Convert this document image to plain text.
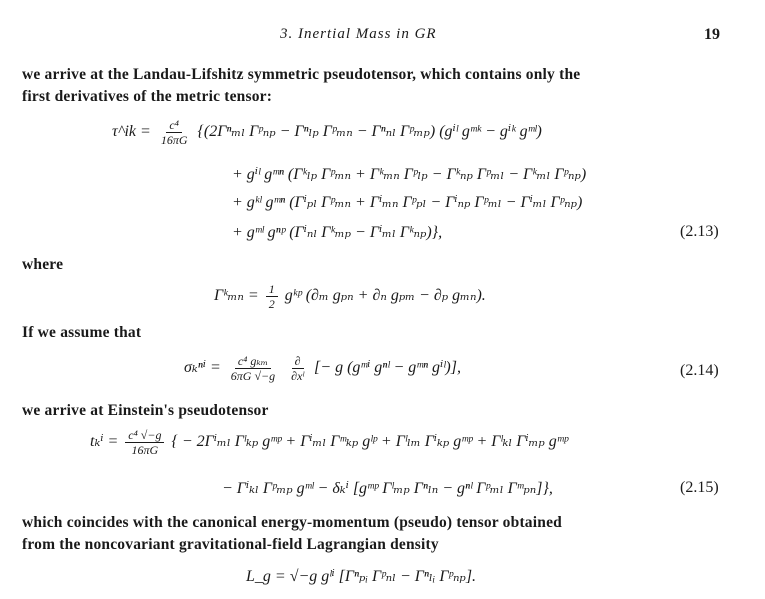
3. Inertial Mass in GR	19
we arrive at the Landau-Lifshitz symmetric pseudotensor, which contains only the
first derivatives of the metric tensor:
τ^ik = $\frac{\text{c⁴}}{16\pi G} \{(2\Gamma^n_{ml}$ Γᵖₙₚ − Γⁿₗₚ Γᵖₘₙ − Γⁿₙₗ Γᵖₘₚ) (gⁱˡ gᵐᵏ − gⁱᵏ gᵐˡ)
+ gⁱˡ gᵐⁿ (Γᵏₗₚ Γᵖₘₙ + Γᵏₘₙ Γᵖₗₚ − Γᵏₙₚ Γᵖₘₗ − Γᵏₘₗ Γᵖₙₚ)
+ gᵏˡ gᵐⁿ (Γⁱₚₗ Γᵖₘₙ + Γⁱₘₙ Γᵖₚₗ − Γⁱₙₚ Γᵖₘₗ − Γⁱₘₗ Γᵖₙₚ)
+ gᵐˡ gⁿᵖ (Γⁱₙₗ Γᵏₘₚ − Γⁱₘₗ Γᵏₙₚ)},	(2.13)
where
Γᵏₘₙ = $\frac{1}{2}$ gᵏᵖ (∂ₘ gₚₙ + ∂ₙ gₚₘ − ∂ₚ gₘₙ).
If we assume that
$\sigma_k^{ni} = \frac{\text{c⁴ gₖₘ}}{6\pi G √-g}$
$\frac{\partial}{\text{∂xˡ}}$ [− g (gᵐⁱ gⁿˡ − gᵐⁿ gⁱˡ)],	(2.14)
we arrive at Einstein's pseudotensor
$t_k^i = \frac{\text{c⁴ √−g}}{16\pi G}$ { − 2Γⁱₘₗ Γˡₖₚ gᵐᵖ + Γⁱₘₗ Γᵐₖₚ gˡᵖ + Γˡₗₘ Γⁱₖₚ gᵐᵖ + Γˡₖₗ Γⁱₘₚ gᵐᵖ
− Γⁱₖₗ Γᵖₘₚ gᵐˡ − δₖⁱ [gᵐᵖ Γˡₘₚ Γⁿₗₙ − gⁿˡ Γᵖₘₗ Γᵐₚₙ]},	(2.15)
which coincides with the canonical energy-momentum (pseudo) tensor obtained
from the noncovariant gravitational-field Lagrangian density
L_g = √−g gˡⁱ [Γⁿₚᵢ Γᵖₙₗ − Γⁿₗᵢ Γᵖₙₚ].
